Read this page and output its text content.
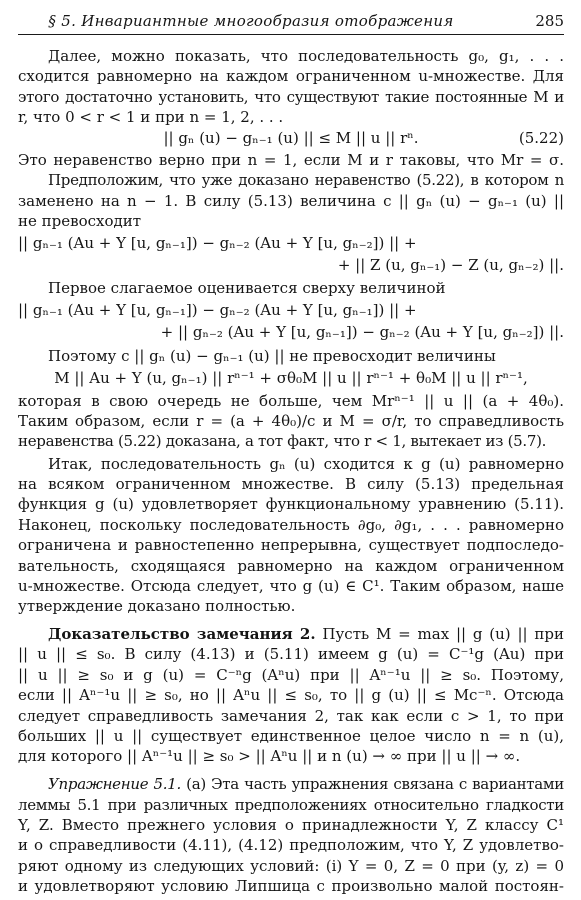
§ 5. Инвариантные многообразия отображения	285
Далее, можно показать, что последовательность g₀, g₁, . . .
сходится равномерно на каждом ограниченном u-множестве. Для
этого достаточно установить, что существуют такие постоянные M и
r, что 0 < r < 1 и при n = 1, 2, . . .
|| gₙ (u) − gₙ₋₁ (u) || ≤ M || u || rⁿ.	(5.22)
Это неравенство верно при n = 1, если M и r таковы, что Mr = σ.
Предположим, что уже доказано неравенство (5.22), в котором n
заменено на n − 1. В силу (5.13) величина c || gₙ (u) − gₙ₋₁ (u) ||
не превосходит
|| gₙ₋₁ (Au + Y [u, gₙ₋₁]) − gₙ₋₂ (Au + Y [u, gₙ₋₂]) || +
+ || Z (u, gₙ₋₁) − Z (u, gₙ₋₂) ||.
Первое слагаемое оценивается сверху величиной
|| gₙ₋₁ (Au + Y [u, gₙ₋₁]) − gₙ₋₂ (Au + Y [u, gₙ₋₁]) || +
+ || gₙ₋₂ (Au + Y [u, gₙ₋₁]) − gₙ₋₂ (Au + Y [u, gₙ₋₂]) ||.
Поэтому c || gₙ (u) − gₙ₋₁ (u) || не превосходит величины
M || Au + Y (u, gₙ₋₁) || rⁿ⁻¹ + σθ₀M || u || rⁿ⁻¹ + θ₀M || u || rⁿ⁻¹,
которая в свою очередь не больше, чем Mrⁿ⁻¹ || u || (a + 4θ₀).
Таким образом, если r = (a + 4θ₀)/c и M = σ/r, то справедливость
неравенства (5.22) доказана, а тот факт, что r < 1, вытекает из (5.7).
Итак, последовательность gₙ (u) сходится к g (u) равномерно
на всяком ограниченном множестве. В силу (5.13) предельная
функция g (u) удовлетворяет функциональному уравнению (5.11).
Наконец, поскольку последовательность ∂g₀, ∂g₁, . . . равномерно
ограничена и равностепенно непрерывна, существует подпоследо-
вательность, сходящаяся равномерно на каждом ограниченном
u-множестве. Отсюда следует, что g (u) ∈ C¹. Таким образом, наше
утверждение доказано полностью.
Доказательство замечания 2. Пусть M = max || g (u) || при
|| u || ≤ s₀. В силу (4.13) и (5.11) имеем g (u) = C⁻¹g (Au) при
|| u || ≥ s₀ и g (u) = C⁻ⁿg (Aⁿu) при || Aⁿ⁻¹u || ≥ s₀. Поэтому,
если || Aⁿ⁻¹u || ≥ s₀, но || Aⁿu || ≤ s₀, то || g (u) || ≤ Mc⁻ⁿ. Отсюда
следует справедливость замечания 2, так как если c > 1, то при
больших || u || существует единственное целое число n = n (u),
для которого || Aⁿ⁻¹u || ≥ s₀ > || Aⁿu || и n (u) → ∞ при || u || → ∞.
Упражнение 5.1. (a) Эта часть упражнения связана с вариантами
леммы 5.1 при различных предположениях относительно гладкости
Y, Z. Вместо прежнего условия о принадлежности Y, Z классу C¹
и о справедливости (4.11), (4.12) предположим, что Y, Z удовлетво-
ряют одному из следующих условий: (i) Y = 0, Z = 0 при (y, z) = 0
и удовлетворяют условию Липшица с произвольно малой постоян-
